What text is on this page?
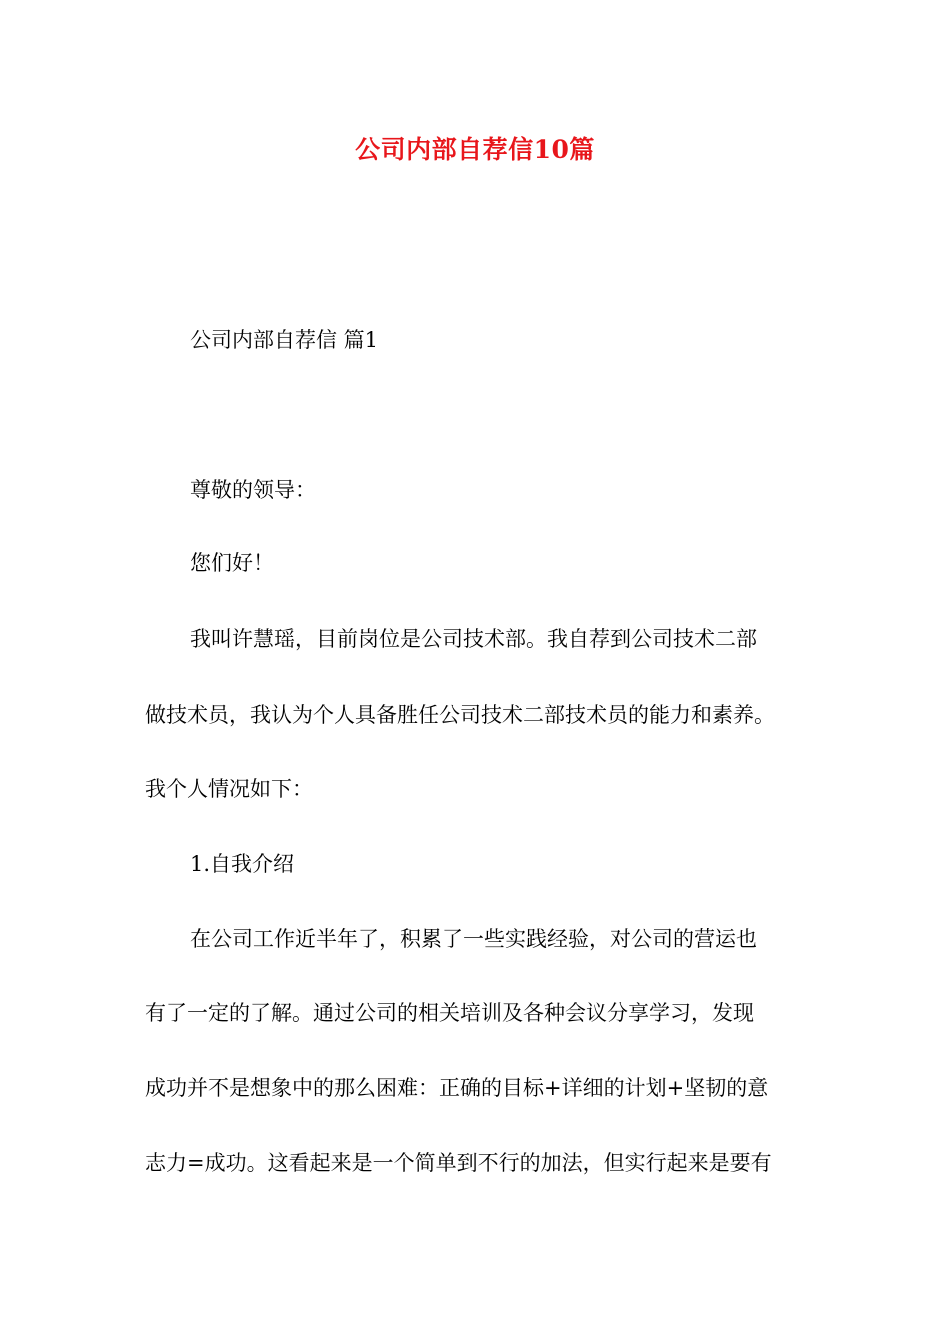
公司内部自荐信10篇
公司内部自荐信 篇1
尊敬的领导：
您们好！
我叫许慧瑶，目前岗位是公司技术部。我自荐到公司技术二部
做技术员，我认为个人具备胜任公司技术二部技术员的能力和素养。
我个人情况如下：
1.自我介绍
在公司工作近半年了，积累了一些实践经验，对公司的营运也
有了一定的了解。通过公司的相关培训及各种会议分享学习，发现
成功并不是想象中的那么困难：正确的目标+详细的计划+坚韧的意
志力=成功。这看起来是一个简单到不行的加法，但实行起来是要有
